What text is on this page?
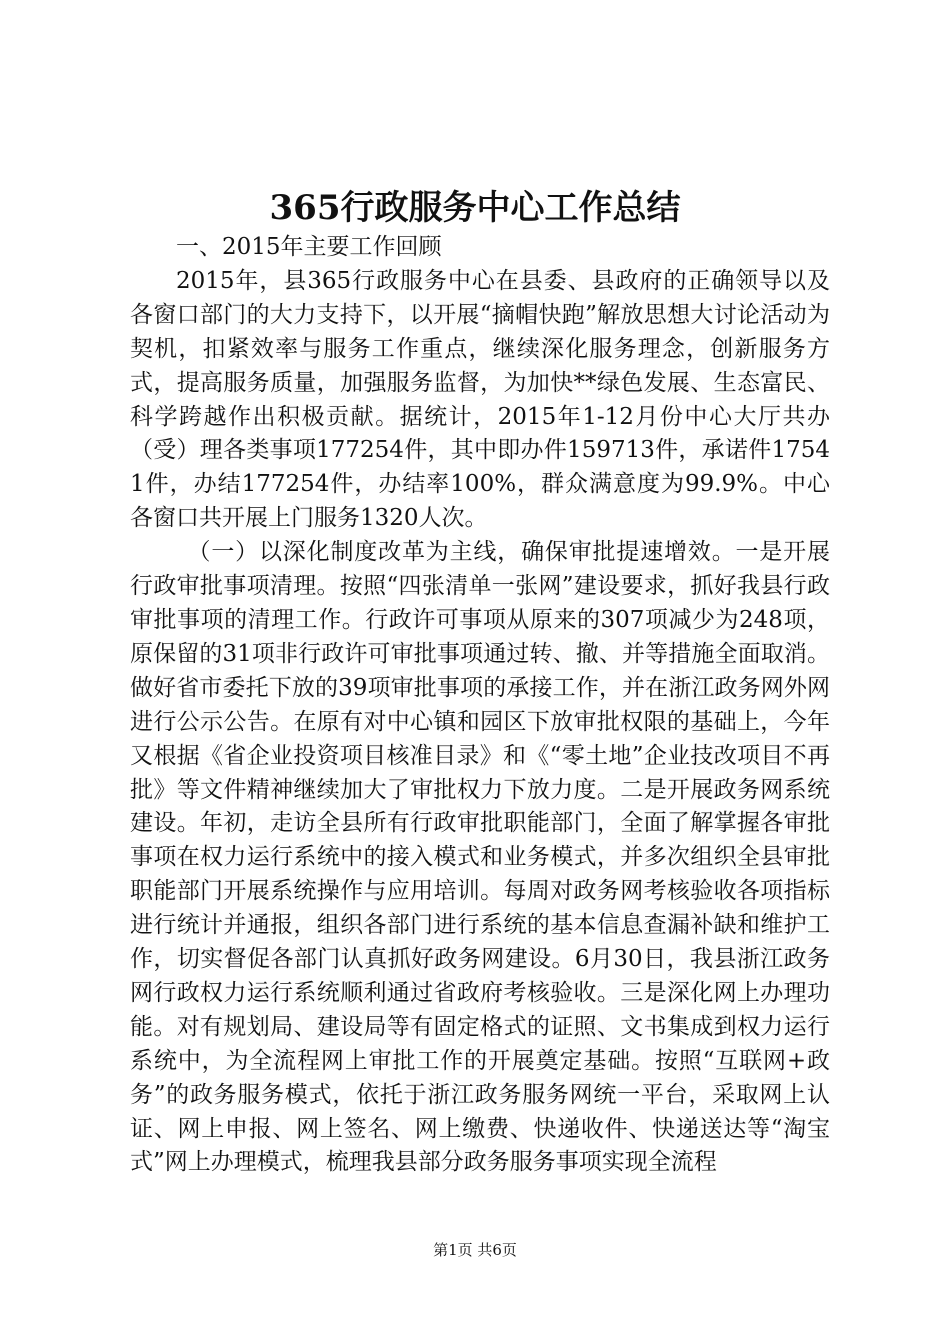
365行政服务中心工作总结

一、2015年主要工作回顾

2015年，县365行政服务中心在县委、县政府的正确领导以及各窗口部门的大力支持下，以开展“摘帽快跑”解放思想大讨论活动为契机，扣紧效率与服务工作重点，继续深化服务理念，创新服务方式，提高服务质量，加强服务监督，为加快**绿色发展、生态富民、科学跨越作出积极贡献。据统计，2015年1-12月份中心大厅共办（受）理各类事项177254件，其中即办件159713件，承诺件17541件，办结177254件，办结率100%，群众满意度为99.9%。中心各窗口共开展上门服务1320人次。

（一）以深化制度改革为主线，确保审批提速增效。一是开展行政审批事项清理。按照“四张清单一张网”建设要求，抓好我县行政审批事项的清理工作。行政许可事项从原来的307项减少为248项，原保留的31项非行政许可审批事项通过转、撤、并等措施全面取消。做好省市委托下放的39项审批事项的承接工作，并在浙江政务网外网进行公示公告。在原有对中心镇和园区下放审批权限的基础上，今年又根据《省企业投资项目核准目录》和《“零土地”企业技改项目不再批》等文件精神继续加大了审批权力下放力度。二是开展政务网系统建设。年初，走访全县所有行政审批职能部门，全面了解掌握各审批事项在权力运行系统中的接入模式和业务模式，并多次组织全县审批职能部门开展系统操作与应用培训。每周对政务网考核验收各项指标进行统计并通报，组织各部门进行系统的基本信息查漏补缺和维护工作，切实督促各部门认真抓好政务网建设。6月30日，我县浙江政务网行政权力运行系统顺利通过省政府考核验收。三是深化网上办理功能。对有规划局、建设局等有固定格式的证照、文书集成到权力运行系统中，为全流程网上审批工作的开展奠定基础。按照“互联网+政务”的政务服务模式，依托于浙江政务服务网统一平台，采取网上认证、网上申报、网上签名、网上缴费、快递收件、快递送达等“淘宝式”网上办理模式，梳理我县部分政务服务事项实现全流程

第1页 共6页
